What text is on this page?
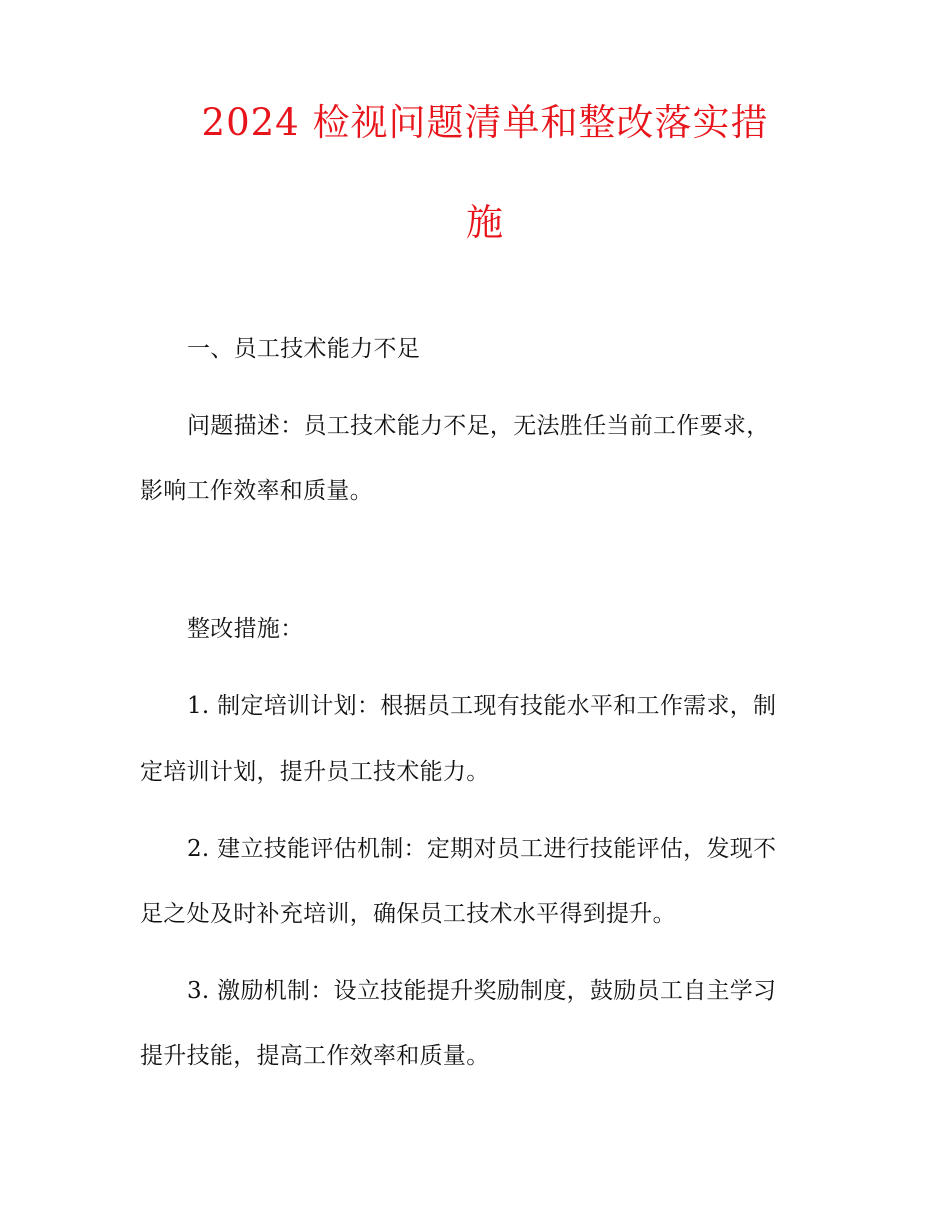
2024 检视问题清单和整改落实措
施

一、员工技术能力不足

问题描述：员工技术能力不足，无法胜任当前工作要求，

影响工作效率和质量。

整改措施：

1. 制定培训计划：根据员工现有技能水平和工作需求，制

定培训计划，提升员工技术能力。

2. 建立技能评估机制：定期对员工进行技能评估，发现不

足之处及时补充培训，确保员工技术水平得到提升。

3. 激励机制：设立技能提升奖励制度，鼓励员工自主学习

提升技能，提高工作效率和质量。
